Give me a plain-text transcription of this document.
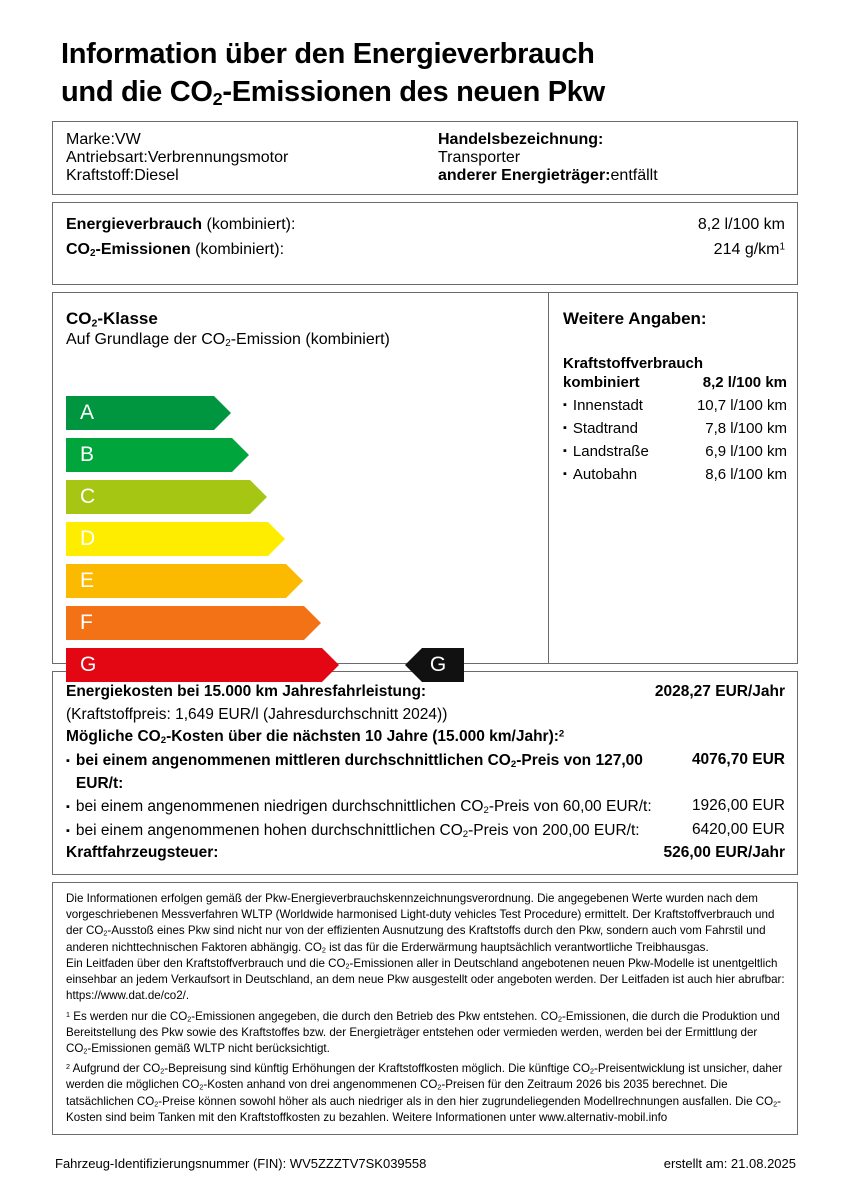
Information über den Energieverbrauch
und die $CO_2$-Emissionen des neuen Pkw
Marke: VW	Handelsbezeichnung:
Antriebsart: Verbrennungsmotor	Transporter
Kraftstoff: Diesel	anderer Energieträger:entfällt
Energieverbrauch (kombiniert):	8,2 l/100 km
$CO_2$-Emissionen (kombiniert):	214 $g/km^1$
$CO_2$-Klasse
Auf Grundlage der $CO_2$-Emission (kombiniert)
A
B
C
D
E
F
G	G
Weitere Angaben:
Kraftstoffverbrauch
kombiniert	8,2 l/100 km
▪ Innenstadt	10,7 l/100 km
▪ Stadtrand	7,8 l/100 km
▪ Landstraße	6,9 l/100 km
▪ Autobahn	8,6 l/100 km
Energiekosten bei 15.000 km Jahresfahrleistung:	2028,27 EUR/Jahr
(Kraftstoffpreis: 1,649 EUR/l (Jahresdurchschnitt 2024))
Mögliche $CO_2$-Kosten über die nächsten 10 Jahre (15.000 km/Jahr):$^2$
▪ bei einem angenommenen mittleren durchschnittlichen $CO_2$-Preis von 127,00 EUR/t:
4076,70 EUR
▪ bei einem angenommenen niedrigen durchschnittlichen $CO_2$-Preis von 60,00 EUR/t:	1926,00 EUR
▪ bei einem angenommenen hohen durchschnittlichen $CO_2$-Preis von 200,00 EUR/t:	6420,00 EUR
Kraftfahrzeugsteuer:	526,00 EUR/Jahr

Die Informationen erfolgen gemäß der Pkw-Energieverbrauchskennzeichnungsverordnung. Die angegebenen Werte wurden nach dem vorgeschriebenen Messverfahren WLTP (Worldwide harmonised Light-duty vehicles Test Procedure) ermittelt. Der Kraftstoffverbrauch und der $CO_2$-Ausstoß eines Pkw sind nicht nur von der effizienten Ausnutzung des Kraftstoffs durch den Pkw, sondern auch vom Fahrstil und anderen nichttechnischen Faktoren abhängig. $CO_2$ ist das für die Erderwärmung hauptsächlich verantwortliche Treibhausgas.

Ein Leitfaden über den Kraftstoffverbrauch und die $CO_2$-Emissionen aller in Deutschland angebotenen neuen Pkw-Modelle ist unentgeltlich einsehbar an jedem Verkaufsort in Deutschland, an dem neue Pkw ausgestellt oder angeboten werden. Der Leitfaden ist auch hier abrufbar: https://www.dat.de/co2/.

$^1$ Es werden nur die $CO_2$-Emissionen angegeben, die durch den Betrieb des Pkw entstehen. $CO_2$-Emissionen, die durch die Produktion und Bereitstellung des Pkw sowie des Kraftstoffes bzw. der Energieträger entstehen oder vermieden werden, werden bei der Ermittlung der $CO_2$-Emissionen gemäß WLTP nicht berücksichtigt.

$^2$ Aufgrund der $CO_2$-Bepreisung sind künftig Erhöhungen der Kraftstoffkosten möglich. Die künftige $CO_2$-Preisentwicklung ist unsicher, daher werden die möglichen $CO_2$-Kosten anhand von drei angenommenen $CO_2$-Preisen für den Zeitraum 2026 bis 2035 berechnet. Die tatsächlichen $CO_2$-Preise können sowohl höher als auch niedriger als in den hier zugrundeliegenden Modellrechnungen ausfallen. Die $CO_2$-Kosten sind beim Tanken mit den Kraftstoffkosten zu bezahlen. Weitere Informationen unter www.alternativ-mobil.info

Fahrzeug-Identifizierungsnummer (FIN): WV5ZZZTV7SK039558	erstellt am: 21.08.2025
